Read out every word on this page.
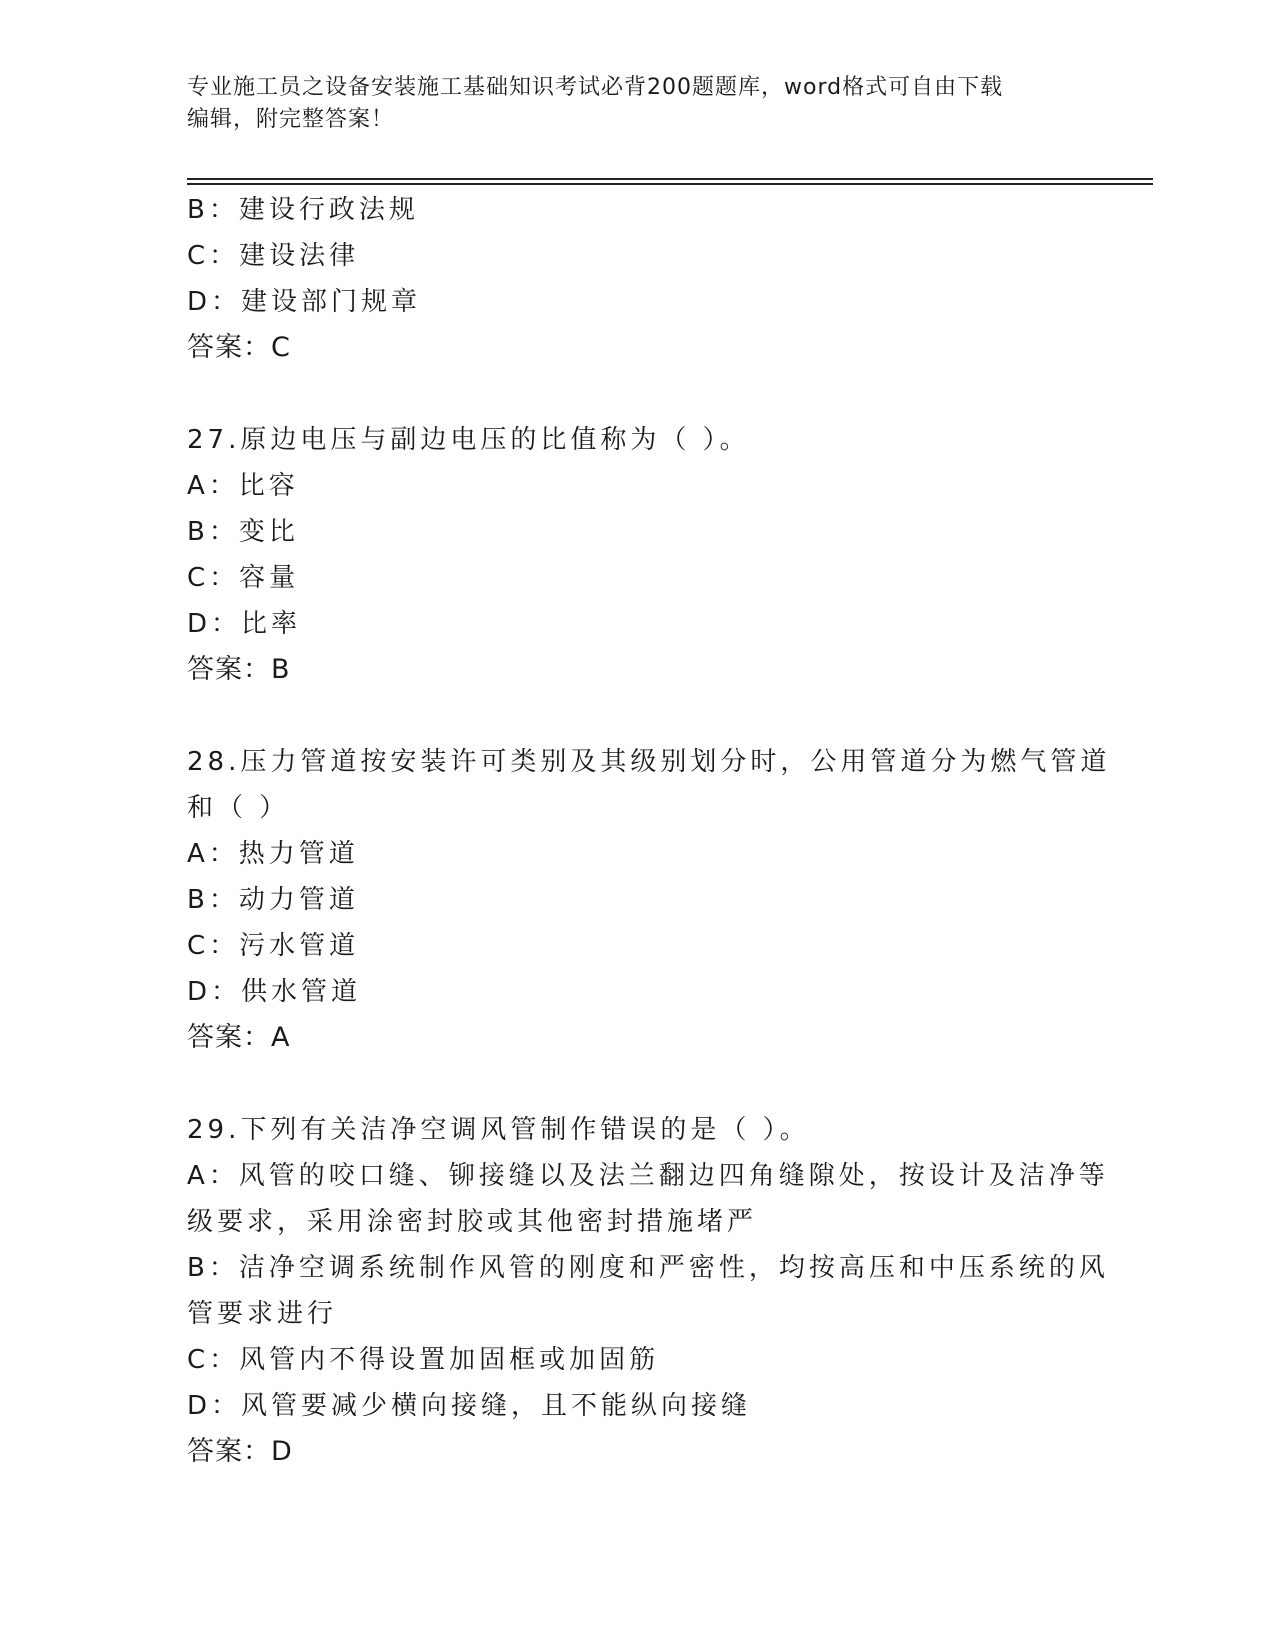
专业施工员之设备安装施工基础知识考试必背200题题库，word格式可自由下载
编辑，附完整答案！
B：建设行政法规
C：建设法律
D：建设部门规章
答案：C
27.原边电压与副边电压的比值称为（ ）。
A：比容
B：变比
C：容量
D：比率
答案：B
28.压力管道按安装许可类别及其级别划分时，公用管道分为燃气管道
和（ ）
A：热力管道
B：动力管道
C：污水管道
D：供水管道
答案：A
29.下列有关洁净空调风管制作错误的是（ ）。
A：风管的咬口缝、铆接缝以及法兰翻边四角缝隙处，按设计及洁净等
级要求，采用涂密封胶或其他密封措施堵严
B：洁净空调系统制作风管的刚度和严密性，均按高压和中压系统的风
管要求进行
C：风管内不得设置加固框或加固筋
D：风管要减少横向接缝，且不能纵向接缝
答案：D
